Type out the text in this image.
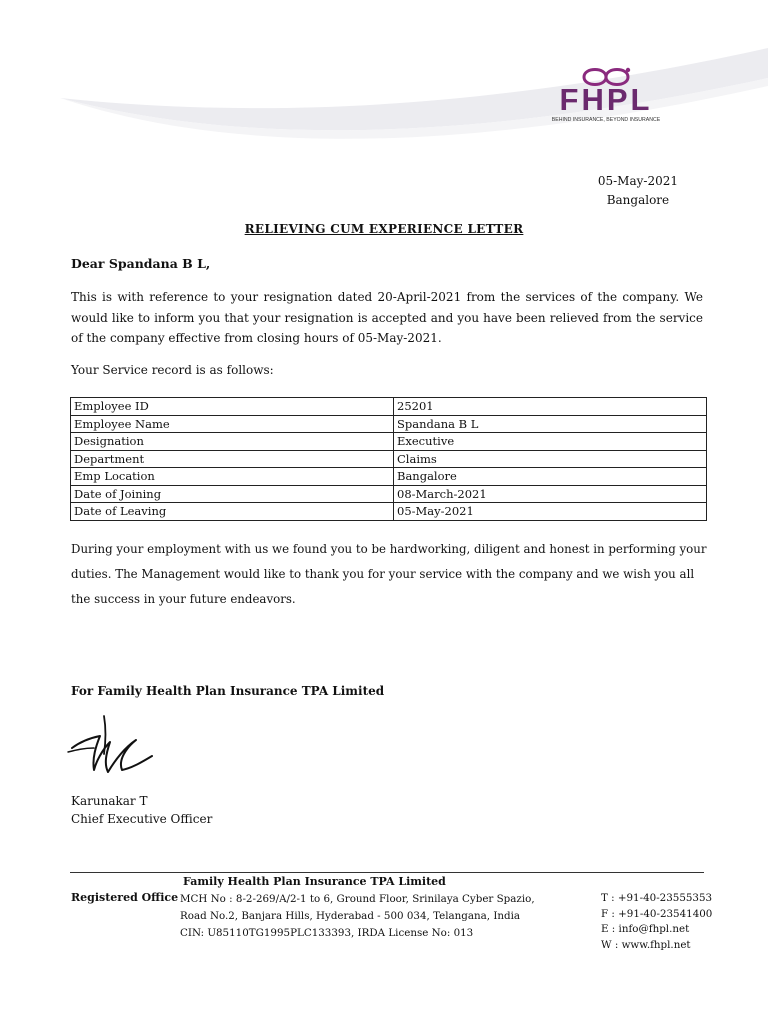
FHPL
BEHIND INSURANCE, BEYOND INSURANCE
05-May-2021
Bangalore
RELIEVING CUM EXPERIENCE LETTER
Dear Spandana B L,
This is with reference to your resignation dated 20-April-2021 from the services of the company. We would like to inform you that your resignation is accepted and you have been relieved from the service of the company effective from closing hours of 05-May-2021.
Your Service record is as follows:
Employee ID	25201
Employee Name	Spandana B L
Designation	Executive
Department	Claims
Emp Location	Bangalore
Date of Joining	08-March-2021
Date of Leaving	05-May-2021
During your employment with us we found you to be hardworking, diligent and honest in performing your duties. The Management would like to thank you for your service with the company and we wish you all the success in your future endeavors.
For Family Health Plan Insurance TPA Limited
Karunakar T
Chief Executive Officer
Family Health Plan Insurance TPA Limited
Registered Office MCH No : 8-2-269/A/2-1 to 6, Ground Floor, Srinilaya Cyber Spazio,
Road No.2, Banjara Hills, Hyderabad - 500 034, Telangana, India
CIN: U85110TG1995PLC133393, IRDA License No: 013
T : +91-40-23555353
F : +91-40-23541400
E : info@fhpl.net
W : www.fhpl.net
